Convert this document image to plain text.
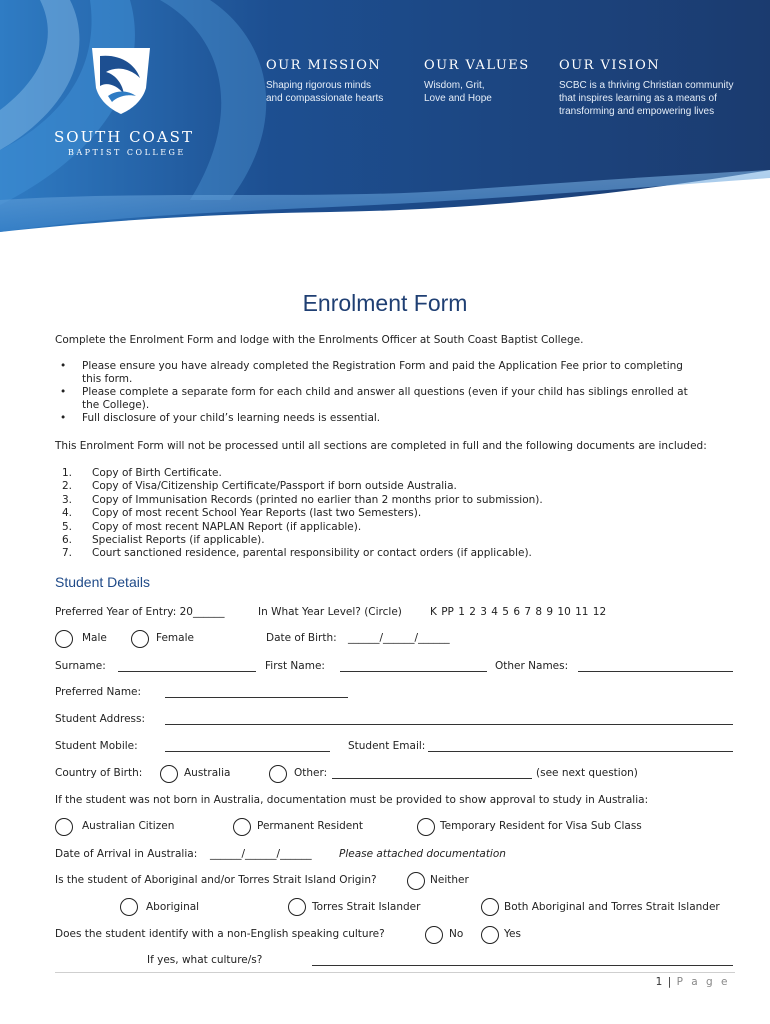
SOUTH COAST
BAPTIST COLLEGE
OUR MISSION
Shaping rigorous minds
and compassionate hearts
OUR VALUES
Wisdom, Grit,
Love and Hope
OUR VISION
SCBC is a thriving Christian community
that inspires learning as a means of
transforming and empowering lives
Enrolment Form
Complete the Enrolment Form and lodge with the Enrolments Officer at South Coast Baptist College.
• Please ensure you have already completed the Registration Form and paid the Application Fee prior to completing
this form.
• Please complete a separate form for each child and answer all questions (even if your child has siblings enrolled at
the College).
• Full disclosure of your child’s learning needs is essential.
This Enrolment Form will not be processed until all sections are completed in full and the following documents are included:
1. Copy of Birth Certificate.
2. Copy of Visa/Citizenship Certificate/Passport if born outside Australia.
3. Copy of Immunisation Records (printed no earlier than 2 months prior to submission).
4. Copy of most recent School Year Reports (last two Semesters).
5. Copy of most recent NAPLAN Report (if applicable).
6. Specialist Reports (if applicable).
7. Court sanctioned residence, parental responsibility or contact orders (if applicable).
Student Details
Preferred Year of Entry: 20______	In What Year Level? (Circle)	K PP 1 2 3 4 5 6 7 8 9 10 11 12
Male	Female	Date of Birth: ______/______/______
Surname:	First Name:	Other Names:
Preferred Name:
Student Address:
Student Mobile:	Student Email:
Country of Birth:	Australia	Other:	(see next question)
If the student was not born in Australia, documentation must be provided to show approval to study in Australia:
Australian Citizen	Permanent Resident	Temporary Resident for Visa Sub Class
Date of Arrival in Australia: ______/______/______	Please attached documentation
Is the student of Aboriginal and/or Torres Strait Island Origin?	Neither
Aboriginal	Torres Strait Islander	Both Aboriginal and Torres Strait Islander
Does the student identify with a non-English speaking culture?	No	Yes
If yes, what culture/s?
1 | P a g e
